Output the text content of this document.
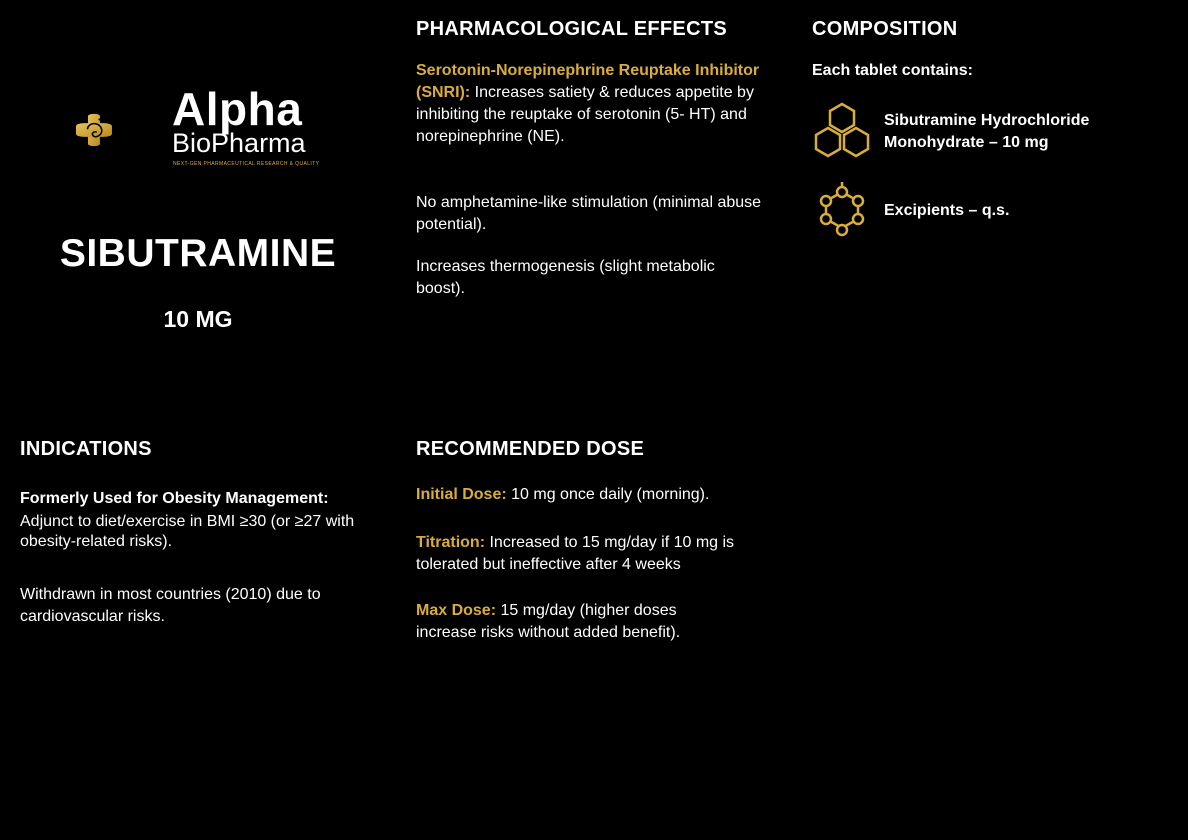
Alpha
BioPharma
NEXT-GEN PHARMACEUTICAL RESEARCH & QUALITY
SIBUTRAMINE
10 MG
PHARMACOLOGICAL EFFECTS
Serotonin-Norepinephrine Reuptake Inhibitor (SNRI): Increases satiety & reduces appetite by inhibiting the reuptake of serotonin (5- HT) and norepinephrine (NE).
No amphetamine-like stimulation (minimal abuse potential).
Increases thermogenesis (slight metabolic boost).
COMPOSITION
Each tablet contains:
Sibutramine Hydrochloride Monohydrate – 10 mg
Excipients – q.s.
INDICATIONS
Formerly Used for Obesity Management:
Adjunct to diet/exercise in BMI ≥30 (or ≥27 with obesity-related risks).
Withdrawn in most countries (2010) due to cardiovascular risks.
RECOMMENDED DOSE
Initial Dose: 10 mg once daily (morning).
Titration: Increased to 15 mg/day if 10 mg is tolerated but ineffective after 4 weeks
Max Dose: 15 mg/day (higher doses increase risks without added benefit).
